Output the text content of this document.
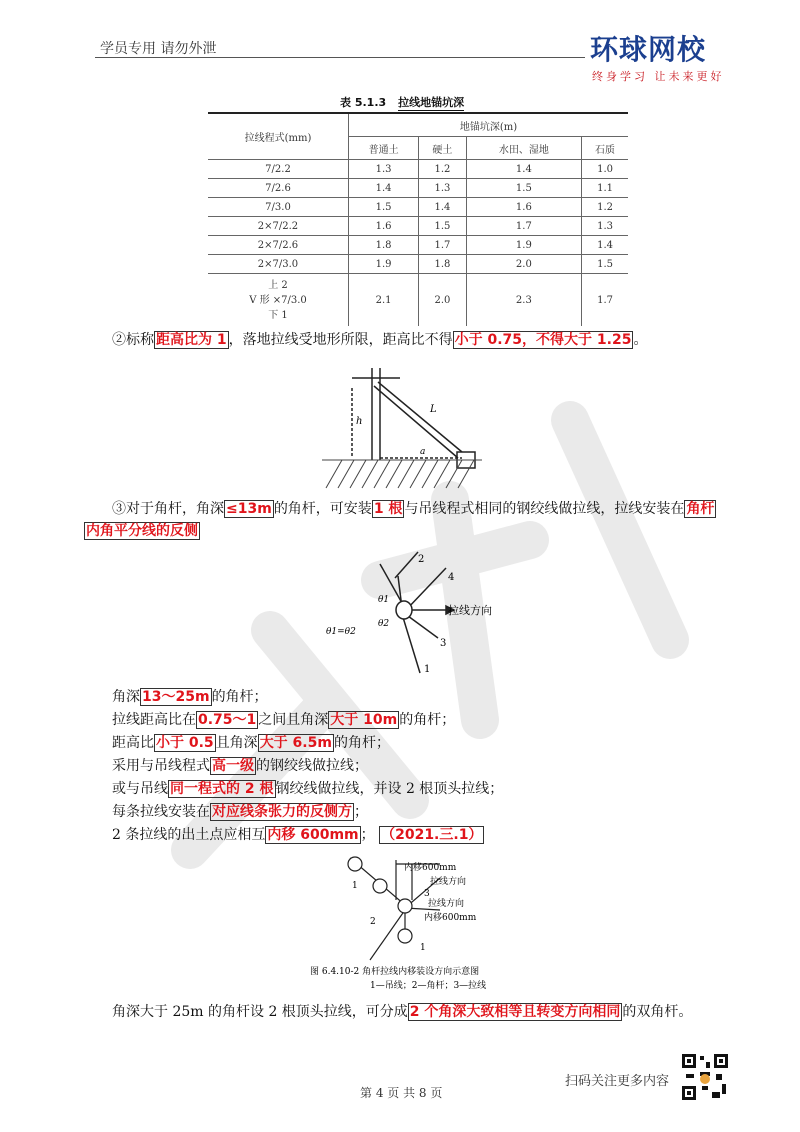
学员专用 请勿外泄	环球网校
终身学习 让未来更好
表 5.1.3 拉线地锚坑深
拉线程式(mm)	地锚坑深(m)			
	普通土	硬土	水田、湿地	石质
7/2.2	1.3	1.2	1.4	1.0
7/2.6	1.4	1.3	1.5	1.1
7/3.0	1.5	1.4	1.6	1.2
2×7/2.2	1.6	1.5	1.7	1.3
2×7/2.6	1.8	1.7	1.9	1.4
2×7/3.0	1.9	1.8	2.0	1.5

上 2
V 形 ×7/3.0
下 1	2.1	2.0	2.3	1.7
②标称 距高比为 1 ，落地拉线受地形所限，距高比不得 小于 0.75，不得大于 1.25 。
L
h
a
③对于角杆，角深 ≤13m 的角杆，可安装 1 根 与吊线程式相同的钢绞线做拉线，拉线安装在 角杆
内角平分线的反侧
2
4
3
1
θ1
θ2
θ1=θ2
拉线方向
角深 13～25m 的角杆；
拉线距高比在 0.75～1 之间且角深 大于 10m 的角杆；
距高比 小于 0.5 且角深 大于 6.5m 的角杆；
采用与吊线程式 高一级 的钢绞线做拉线；
或与吊线 同一程式的 2 根 钢绞线做拉线，并设 2 根顶头拉线；
每条拉线安装在 对应线条张力的反侧方 ；
2 条拉线的出土点应相互 内移 600mm ； （2021.三.1）
内移600mm
拉线方向
拉线方向
内移600mm
1
2
3
1
图 6.4.10-2 角杆拉线内移装设方向示意图
1—吊线；2—角杆；3—拉线
角深大于 25m 的角杆设 2 根顶头拉线，可分成 2 个角深大致相等且转变方向相同 的双角杆。
扫码关注更多内容
第 4 页 共 8 页
